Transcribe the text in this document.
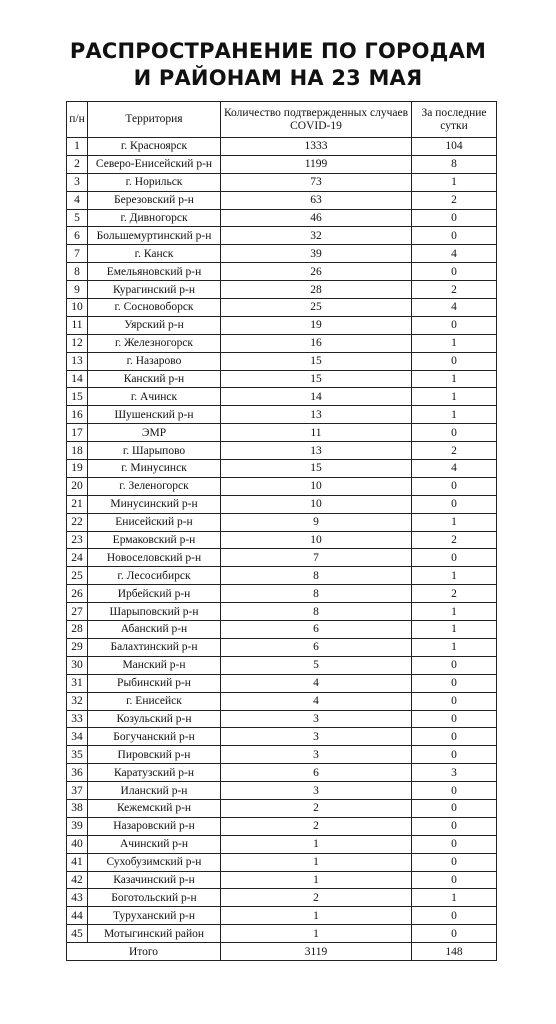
РАСПРОСТРАНЕНИЕ ПО ГОРОДАМ
И РАЙОНАМ НА 23 МАЯ
п/н	Территория	Количество подтвержденных случаев COVID-19	За последние сутки
1	г. Красноярск	1333	104
2	Северо-Енисейский р-н	1199	8
3	г. Норильск	73	1
4	Березовский р-н	63	2
5	г. Дивногорск	46	0
6	Большемуртинский р-н	32	0
7	г. Канск	39	4
8	Емельяновский р-н	26	0
9	Курагинский р-н	28	2
10	г. Сосновоборск	25	4
11	Уярский р-н	19	0
12	г. Железногорск	16	1
13	г. Назарово	15	0
14	Канский р-н	15	1
15	г. Ачинск	14	1
16	Шушенский р-н	13	1
17	ЭМР	11	0
18	г. Шарыпово	13	2
19	г. Минусинск	15	4
20	г. Зеленогорск	10	0
21	Минусинский р-н	10	0
22	Енисейский р-н	9	1
23	Ермаковский р-н	10	2
24	Новоселовский р-н	7	0
25	г. Лесосибирск	8	1
26	Ирбейский р-н	8	2
27	Шарыповский р-н	8	1
28	Абанский р-н	6	1
29	Балахтинский р-н	6	1
30	Манский р-н	5	0
31	Рыбинский р-н	4	0
32	г. Енисейск	4	0
33	Козульский р-н	3	0
34	Богучанский р-н	3	0
35	Пировский р-н	3	0
36	Каратузский р-н	6	3
37	Иланский р-н	3	0
38	Кежемский р-н	2	0
39	Назаровский р-н	2	0
40	Ачинский р-н	1	0
41	Сухобузимский р-н	1	0
42	Казачинский р-н	1	0
43	Боготольский р-н	2	1
44	Туруханский р-н	1	0
45	Мотыгинский район	1	0
Итого		3119	148
